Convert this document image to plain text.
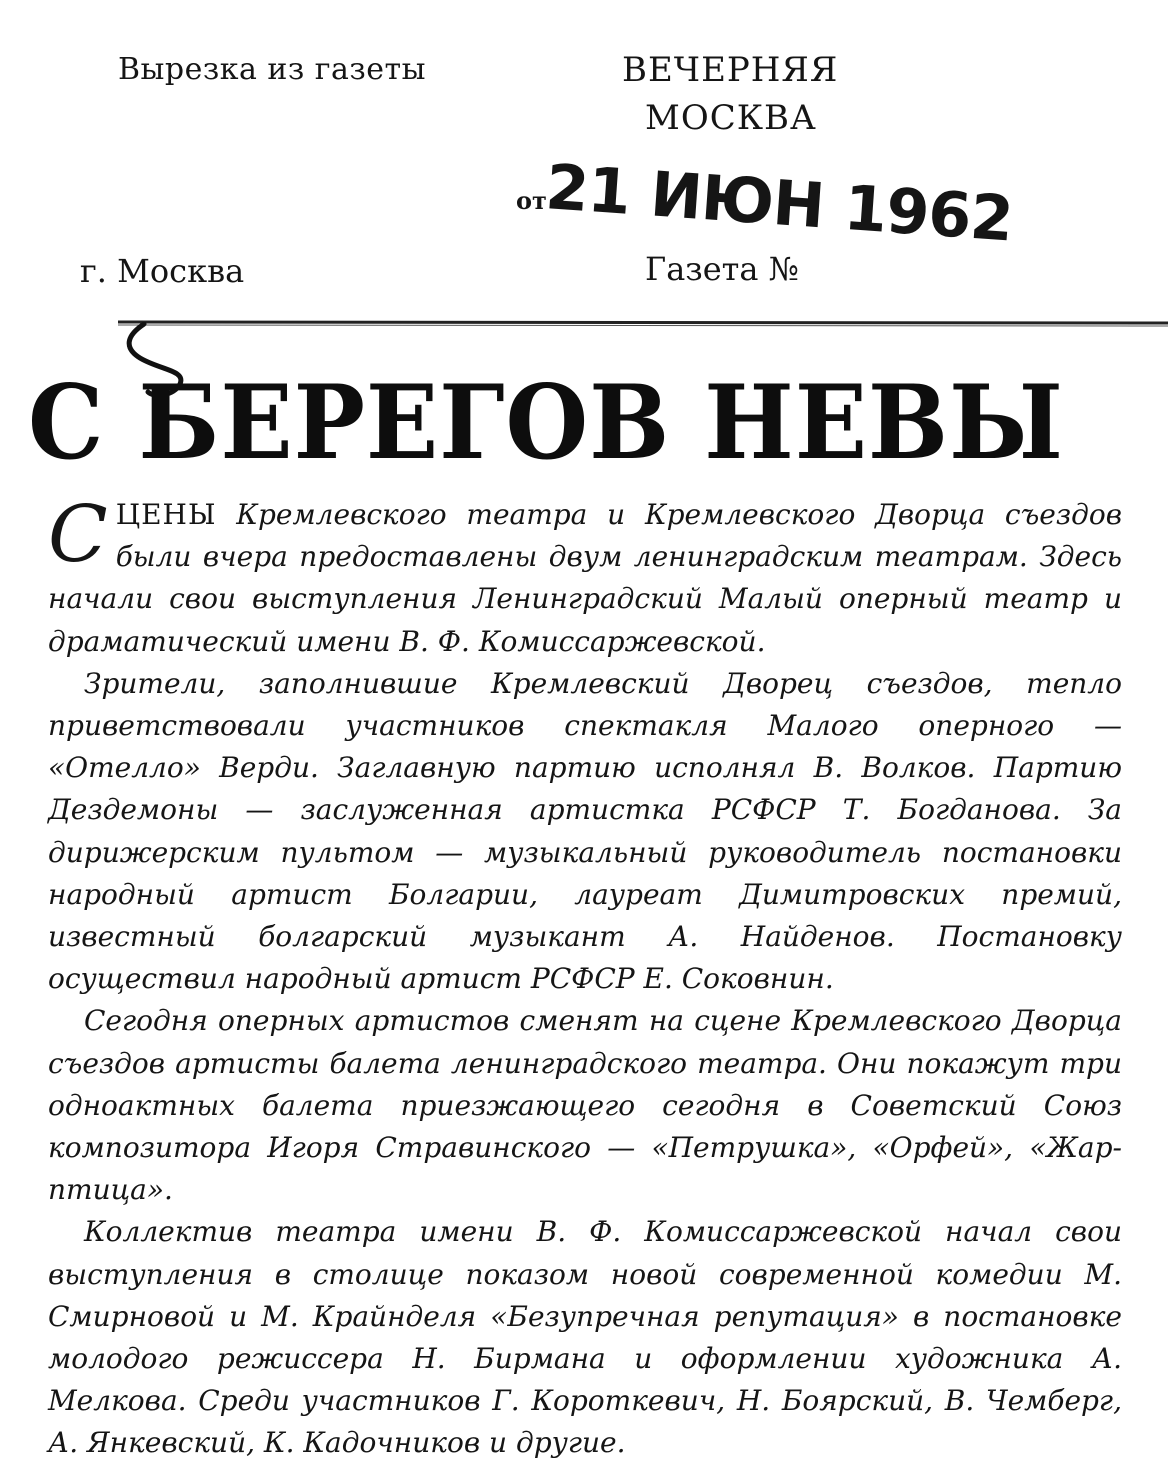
Вырезка из газеты	ВЕЧЕРНЯЯ
МОСКВА
от
21 ИЮН 1962
г. Москва	Газета №
С БЕРЕГОВ НЕВЫ

СЦЕНЫ Кремлевского театра и Кремлевского Дворца съездов были вчера предоставлены двум ленинградским театрам. Здесь начали свои выступления Ленинградский Малый оперный театр и драматический имени В. Ф. Комиссаржевской.

Зрители, заполнившие Кремлевский Дворец съездов, тепло приветствовали участников спектакля Малого оперного — «Отелло» Верди. Заглавную партию исполнял В. Волков. Партию Дездемоны — заслуженная артистка РСФСР Т. Богданова. За дирижерским пультом — музыкальный руководитель постановки народный артист Болгарии, лауреат Димитровских премий, известный болгарский музыкант А. Найденов. Постановку осуществил народный артист РСФСР Е. Соковнин.

Сегодня оперных артистов сменят на сцене Кремлевского Дворца съездов артисты балета ленинградского театра. Они покажут три одноактных балета приезжающего сегодня в Советский Союз композитора Игоря Стравинского — «Петрушка», «Орфей», «Жар-птица».

Коллектив театра имени В. Ф. Комиссаржевской начал свои выступления в столице показом новой современной комедии М. Смирновой и М. Крайнделя «Безупречная репутация» в постановке молодого режиссера Н. Бирмана и оформлении художника А. Мелкова. Среди участников Г. Короткевич, Н. Боярский, В. Чемберг, А. Янкевский, К. Кадочников и другие.
